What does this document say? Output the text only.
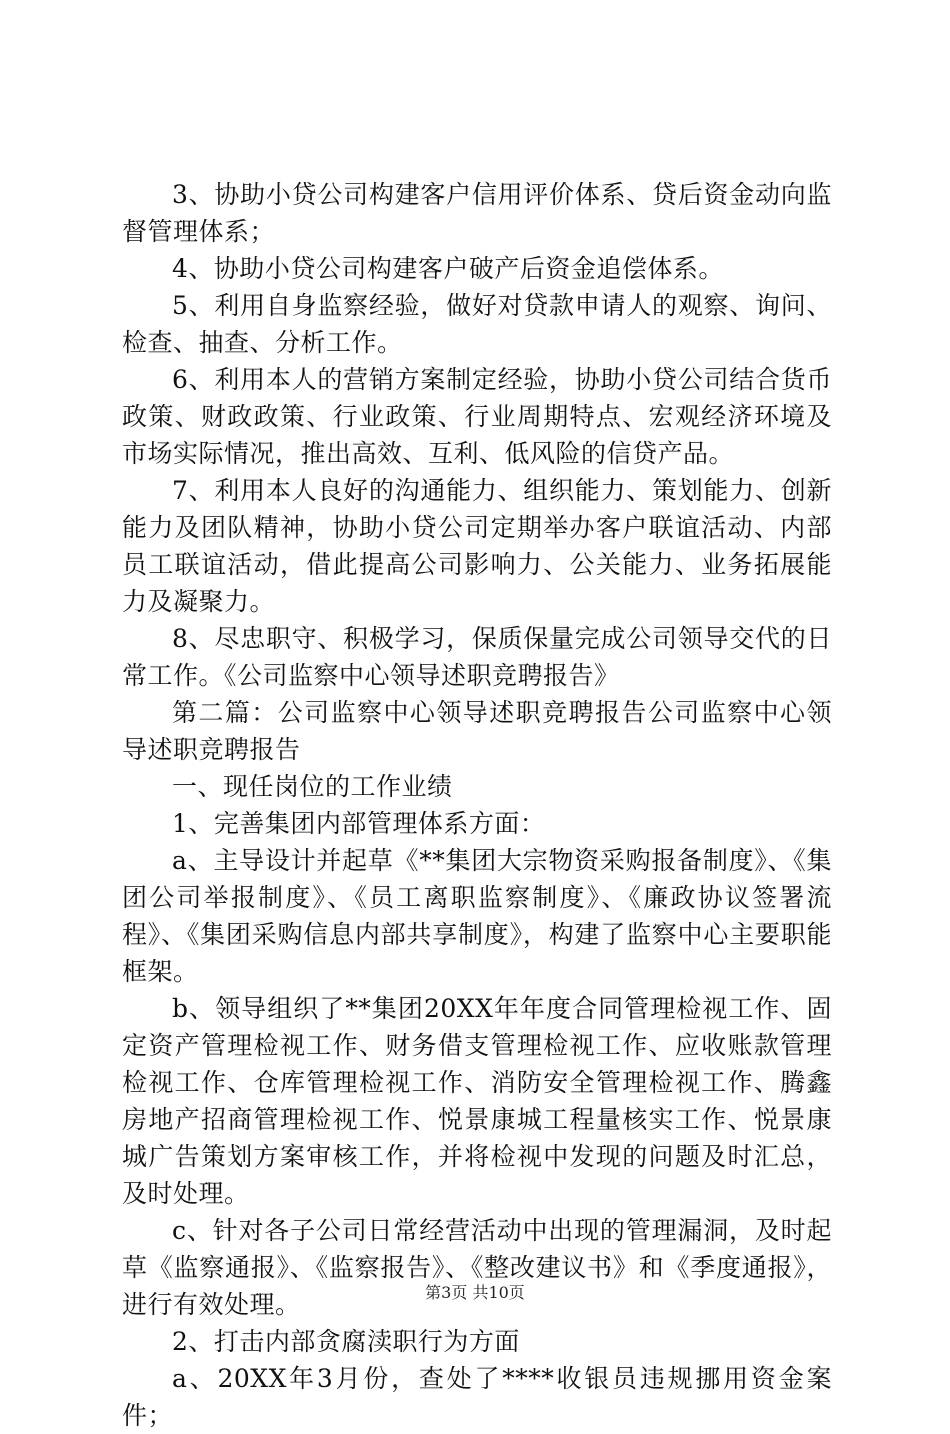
3、协助小贷公司构建客户信用评价体系、贷后资金动向监督管理体系；

4、协助小贷公司构建客户破产后资金追偿体系。

5、利用自身监察经验，做好对贷款申请人的观察、询问、检查、抽查、分析工作。

6、利用本人的营销方案制定经验，协助小贷公司结合货币政策、财政政策、行业政策、行业周期特点、宏观经济环境及市场实际情况，推出高效、互利、低风险的信贷产品。

7、利用本人良好的沟通能力、组织能力、策划能力、创新能力及团队精神，协助小贷公司定期举办客户联谊活动、内部员工联谊活动，借此提高公司影响力、公关能力、业务拓展能力及凝聚力。

8、尽忠职守、积极学习，保质保量完成公司领导交代的日常工作。《公司监察中心领导述职竞聘报告》

第二篇：公司监察中心领导述职竞聘报告公司监察中心领导述职竞聘报告

一、现任岗位的工作业绩

1、完善集团内部管理体系方面：

a、主导设计并起草《**集团大宗物资采购报备制度》、《集团公司举报制度》、《员工离职监察制度》、《廉政协议签署流程》、《集团采购信息内部共享制度》，构建了监察中心主要职能框架。

b、领导组织了**集团20XX年年度合同管理检视工作、固定资产管理检视工作、财务借支管理检视工作、应收账款管理检视工作、仓库管理检视工作、消防安全管理检视工作、腾鑫房地产招商管理检视工作、悦景康城工程量核实工作、悦景康城广告策划方案审核工作，并将检视中发现的问题及时汇总，及时处理。

c、针对各子公司日常经营活动中出现的管理漏洞，及时起草《监察通报》、《监察报告》、《整改建议书》和《季度通报》，进行有效处理。

2、打击内部贪腐渎职行为方面

a、20XX年3月份，查处了****收银员违规挪用资金案件；

第3页 共10页
